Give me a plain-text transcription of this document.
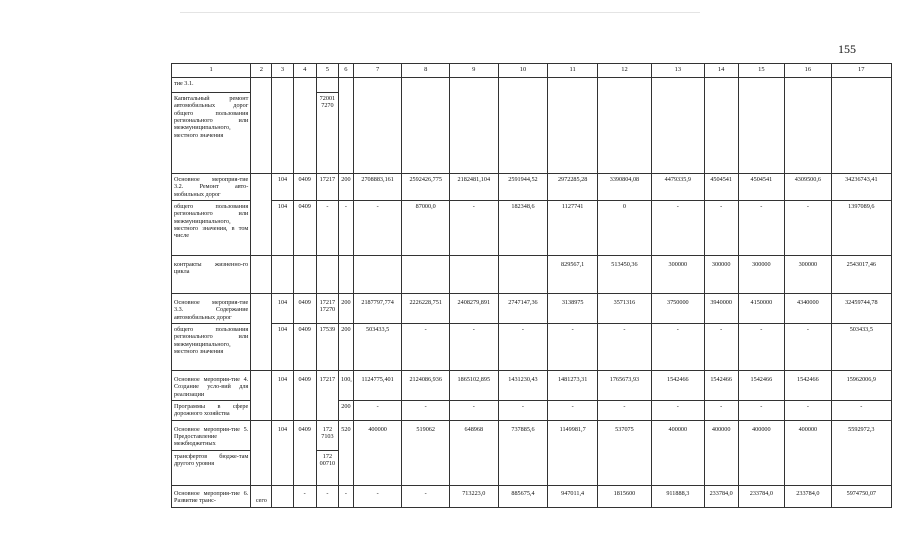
155
1	2	3	4	5	6	7	8	9	10	11	12	13	14	15	16	17
тие 3.1.																
Капитальный ремонт автомобильных дорог общего пользования регионального или межмуниципального, местного значения				72001 7270												
Основное мероприя-тие 3.2. Ремонт авто-мобильных дорог		104	0409	17217	200	2708883,161	2592426,775	2182481,104	2591944,52	2972285,28	3390804,08	4479335,9	4504541	4504541	4309500,6	34236743,41
общего пользования регионального или межмуниципального, местного значения, в том числе		104	0409	-	-	-	87000,0	-	182348,6	1127741	0	-	-	-	-	1397089,6
контракты жизненно-го цикла										829567,1	513450,36	300000	300000	300000	300000	2543017,46
Основное мероприя-тие 3.3. Содержание автомобильных дорог		104	0409	17217 17270	200	2187797,774	2226228,751	2408279,891	2747147,36	3138975	3571316	3750000	3940000	4150000	4340000	32459744,78
общего пользования регионального или межмуниципального, местного значения		104	0409	17539	200	503433,5	-	-	-	-	-	-	-	-	-	503433,5
Основное мероприя-тие 4. Создание усло-вий для реализации		104	0409	17217	100,	1124775,401	2124086,936	1865102,895	1431230,43	1481273,31	1765673,93	1542466	1542466	1542466	1542466	15962006,9
Программы в сфере дорожного хозяйства					200	-	-	-	-	-	-	-	-	-	-	-
Основное мероприя-тие 5. Предоставление межбюджетных		104	0409	172 7103	520	400000	519062	648968	737885,6	1149981,7	537075	400000	400000	400000	400000	5592972,3
трансфертов бюдже-там другого уровня				172 00710												
Основное мероприя-тие 6. Развитие транс-	сего		-	-	-	-	-	713223,0	885675,4	947011,4	1815600	911888,3	233784,0	233784,0	233784,0	5974750,07
